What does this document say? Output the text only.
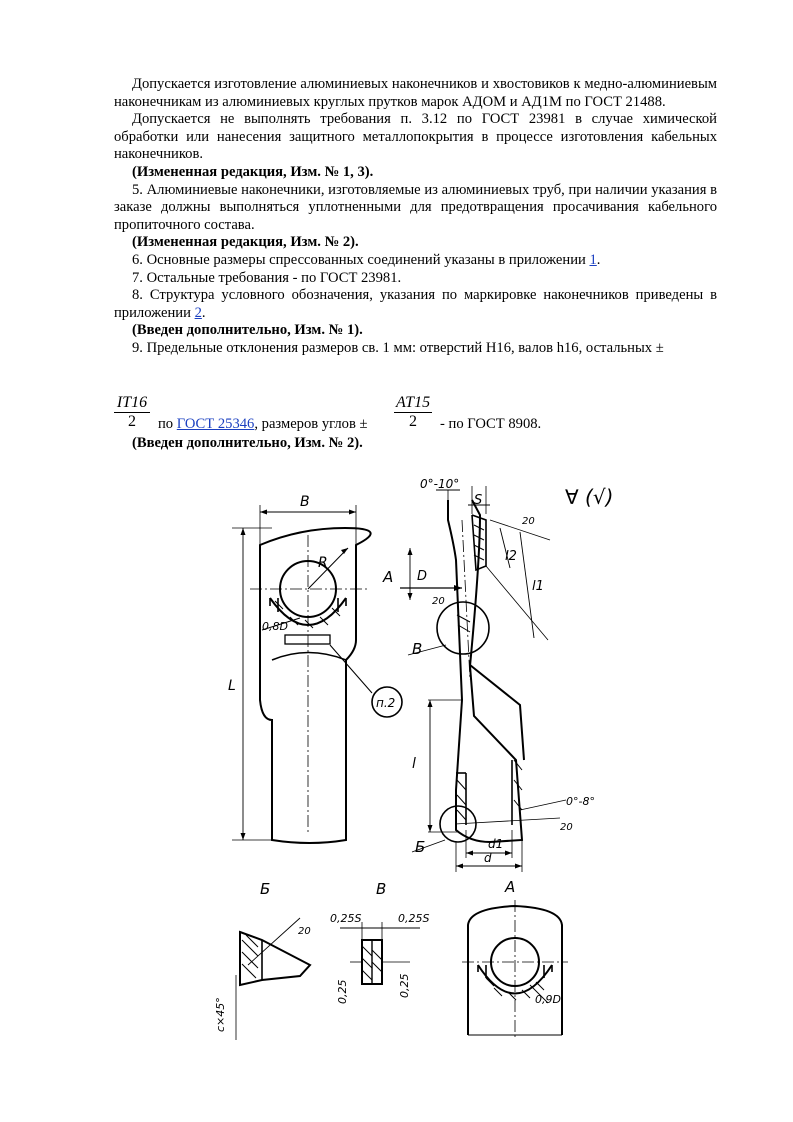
Допускается изготовление алюминиевых наконечников и хвостовиков к медно-алюминиевым наконечникам из алюминиевых круглых прутков марок АДОМ и АД1М по ГОСТ 21488.

Допускается не выполнять требования п. 3.12 по ГОСТ 23981 в случае химической обработки или нанесения защитного металлопокрытия в процессе изготовления кабельных наконечников.

(Измененная редакция, Изм. № 1, 3).

5. Алюминиевые наконечники, изготовляемые из алюминиевых труб, при наличии указания в заказе должны выполняться уплотненными для предотвращения просачивания кабельного пропиточного состава.

(Измененная редакция, Изм. № 2).

6. Основные размеры спрессованных соединений указаны в приложении 1.

7. Остальные требования - по ГОСТ 23981.

8. Структура условного обозначения, указания по маркировке наконечников приведены в приложении 2.

(Введен дополнительно, Изм. № 1).

9. Предельные отклонения размеров св. 1 мм: отверстий H16, валов h16, остальных ±

$\frac{IT16}{2}$ по ГОСТ 25346, размеров углов ± $\frac{AT15}{2}$ - по ГОСТ 8908.
(Введен дополнительно, Изм. № 2).
B
R
L
0,8D
п.2
0°-10°
S
20
l2
l1
D
A
20
В
l
Б
0°-8°
20
d1
d
∀ (√)
Б
20
c×45°
В
0,25S	0,25S
0,25	0,25
А
0,9D
